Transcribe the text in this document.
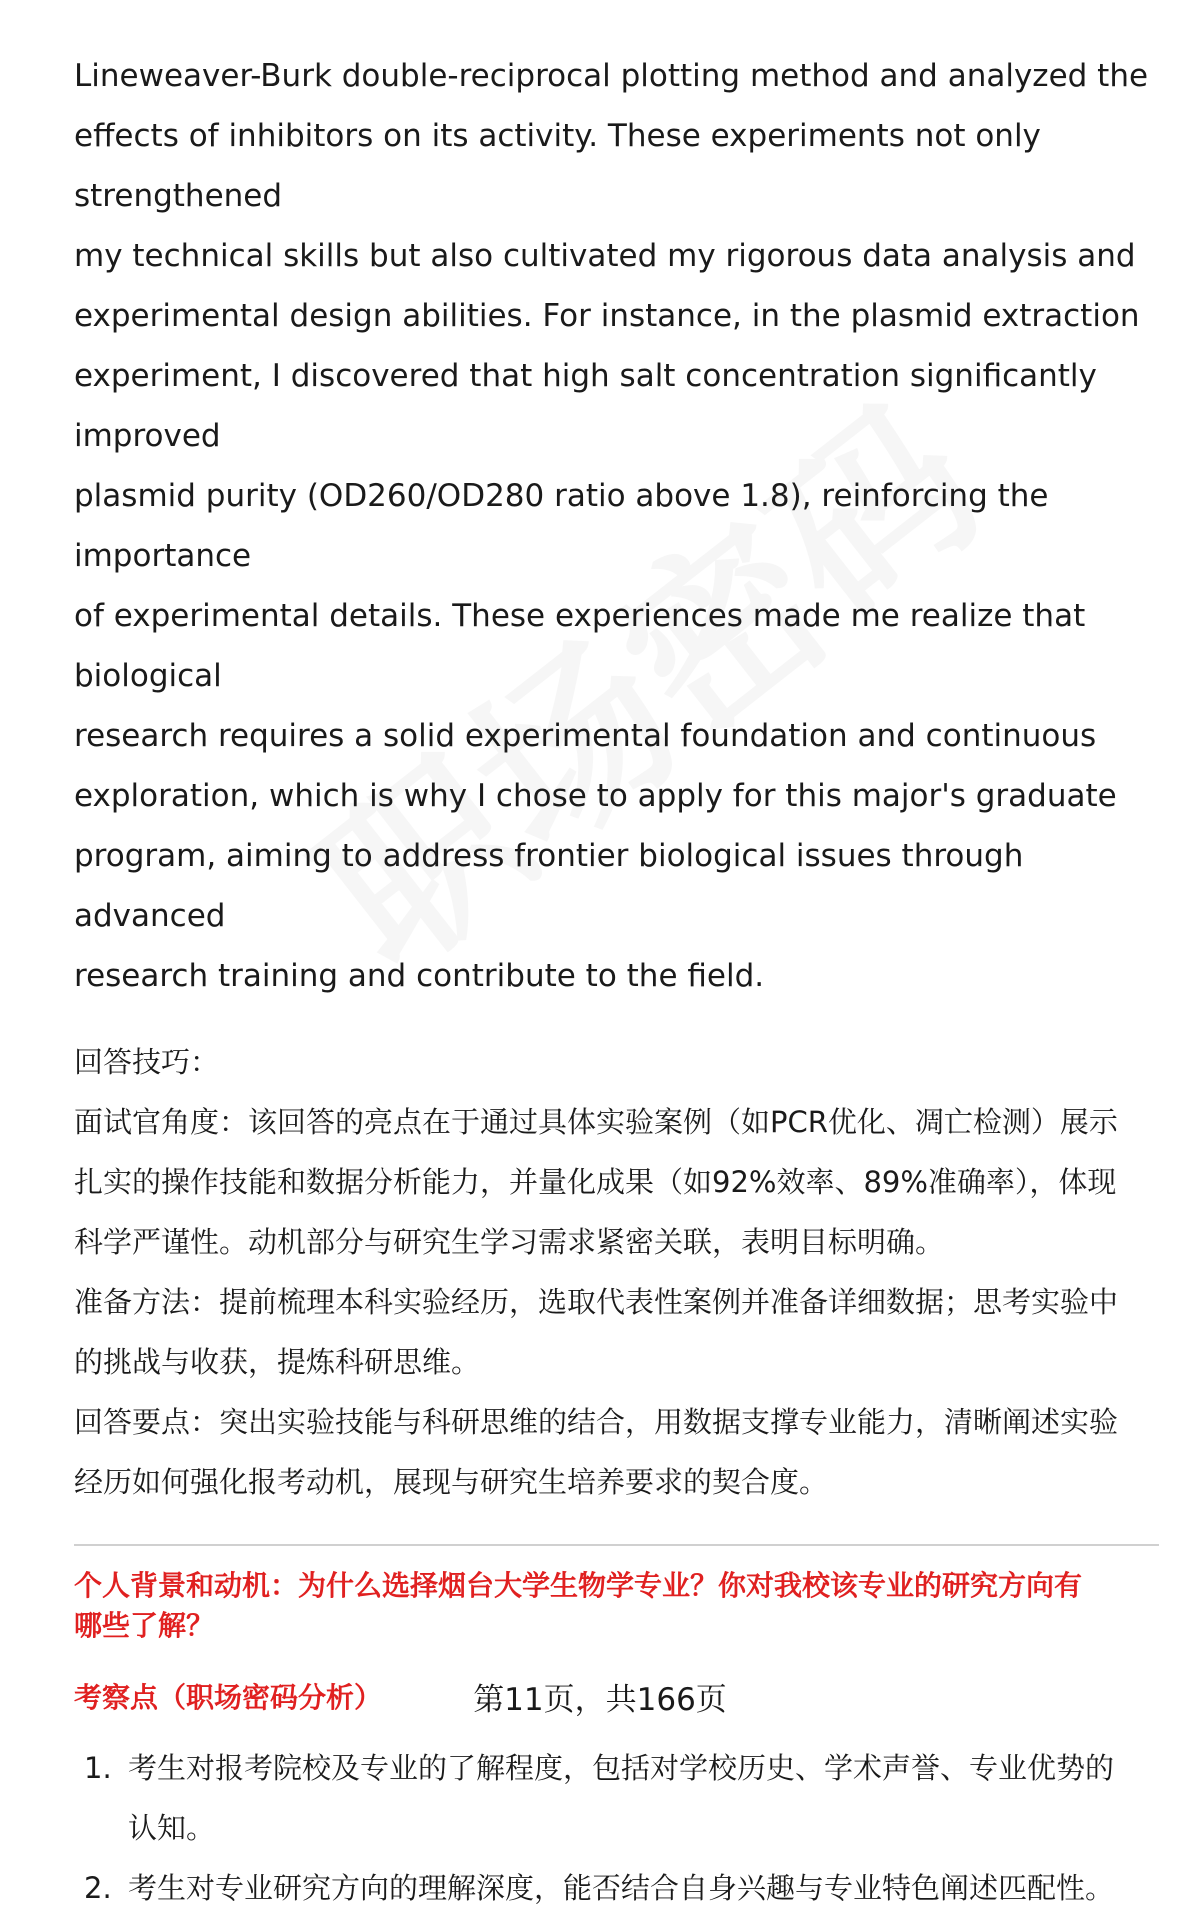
Lineweaver-Burk double-reciprocal plotting method and analyzed the

effects of inhibitors on its activity. These experiments not only strengthened

my technical skills but also cultivated my rigorous data analysis and

experimental design abilities. For instance, in the plasmid extraction

experiment, I discovered that high salt concentration significantly improved

plasmid purity (OD260/OD280 ratio above 1.8), reinforcing the importance

of experimental details. These experiences made me realize that biological

research requires a solid experimental foundation and continuous

exploration, which is why I chose to apply for this major's graduate

program, aiming to address frontier biological issues through advanced

research training and contribute to the field.

回答技巧：

面试官角度：该回答的亮点在于通过具体实验案例（如PCR优化、凋亡检测）展示

扎实的操作技能和数据分析能力，并量化成果（如92%效率、89%准确率），体现

科学严谨性。动机部分与研究生学习需求紧密关联，表明目标明确。

准备方法：提前梳理本科实验经历，选取代表性案例并准备详细数据；思考实验中

的挑战与收获，提炼科研思维。

回答要点：突出实验技能与科研思维的结合，用数据支撑专业能力，清晰阐述实验

经历如何强化报考动机，展现与研究生培养要求的契合度。

个人背景和动机：为什么选择烟台大学生物学专业？你对我校该专业的研究方向有

哪些了解？

考察点（职场密码分析）

1. 考生对报考院校及专业的了解程度，包括对学校历史、学术声誉、专业优势的
认知。
2. 考生对专业研究方向的理解深度，能否结合自身兴趣与专业特色阐述匹配性。
第11页，共166页
